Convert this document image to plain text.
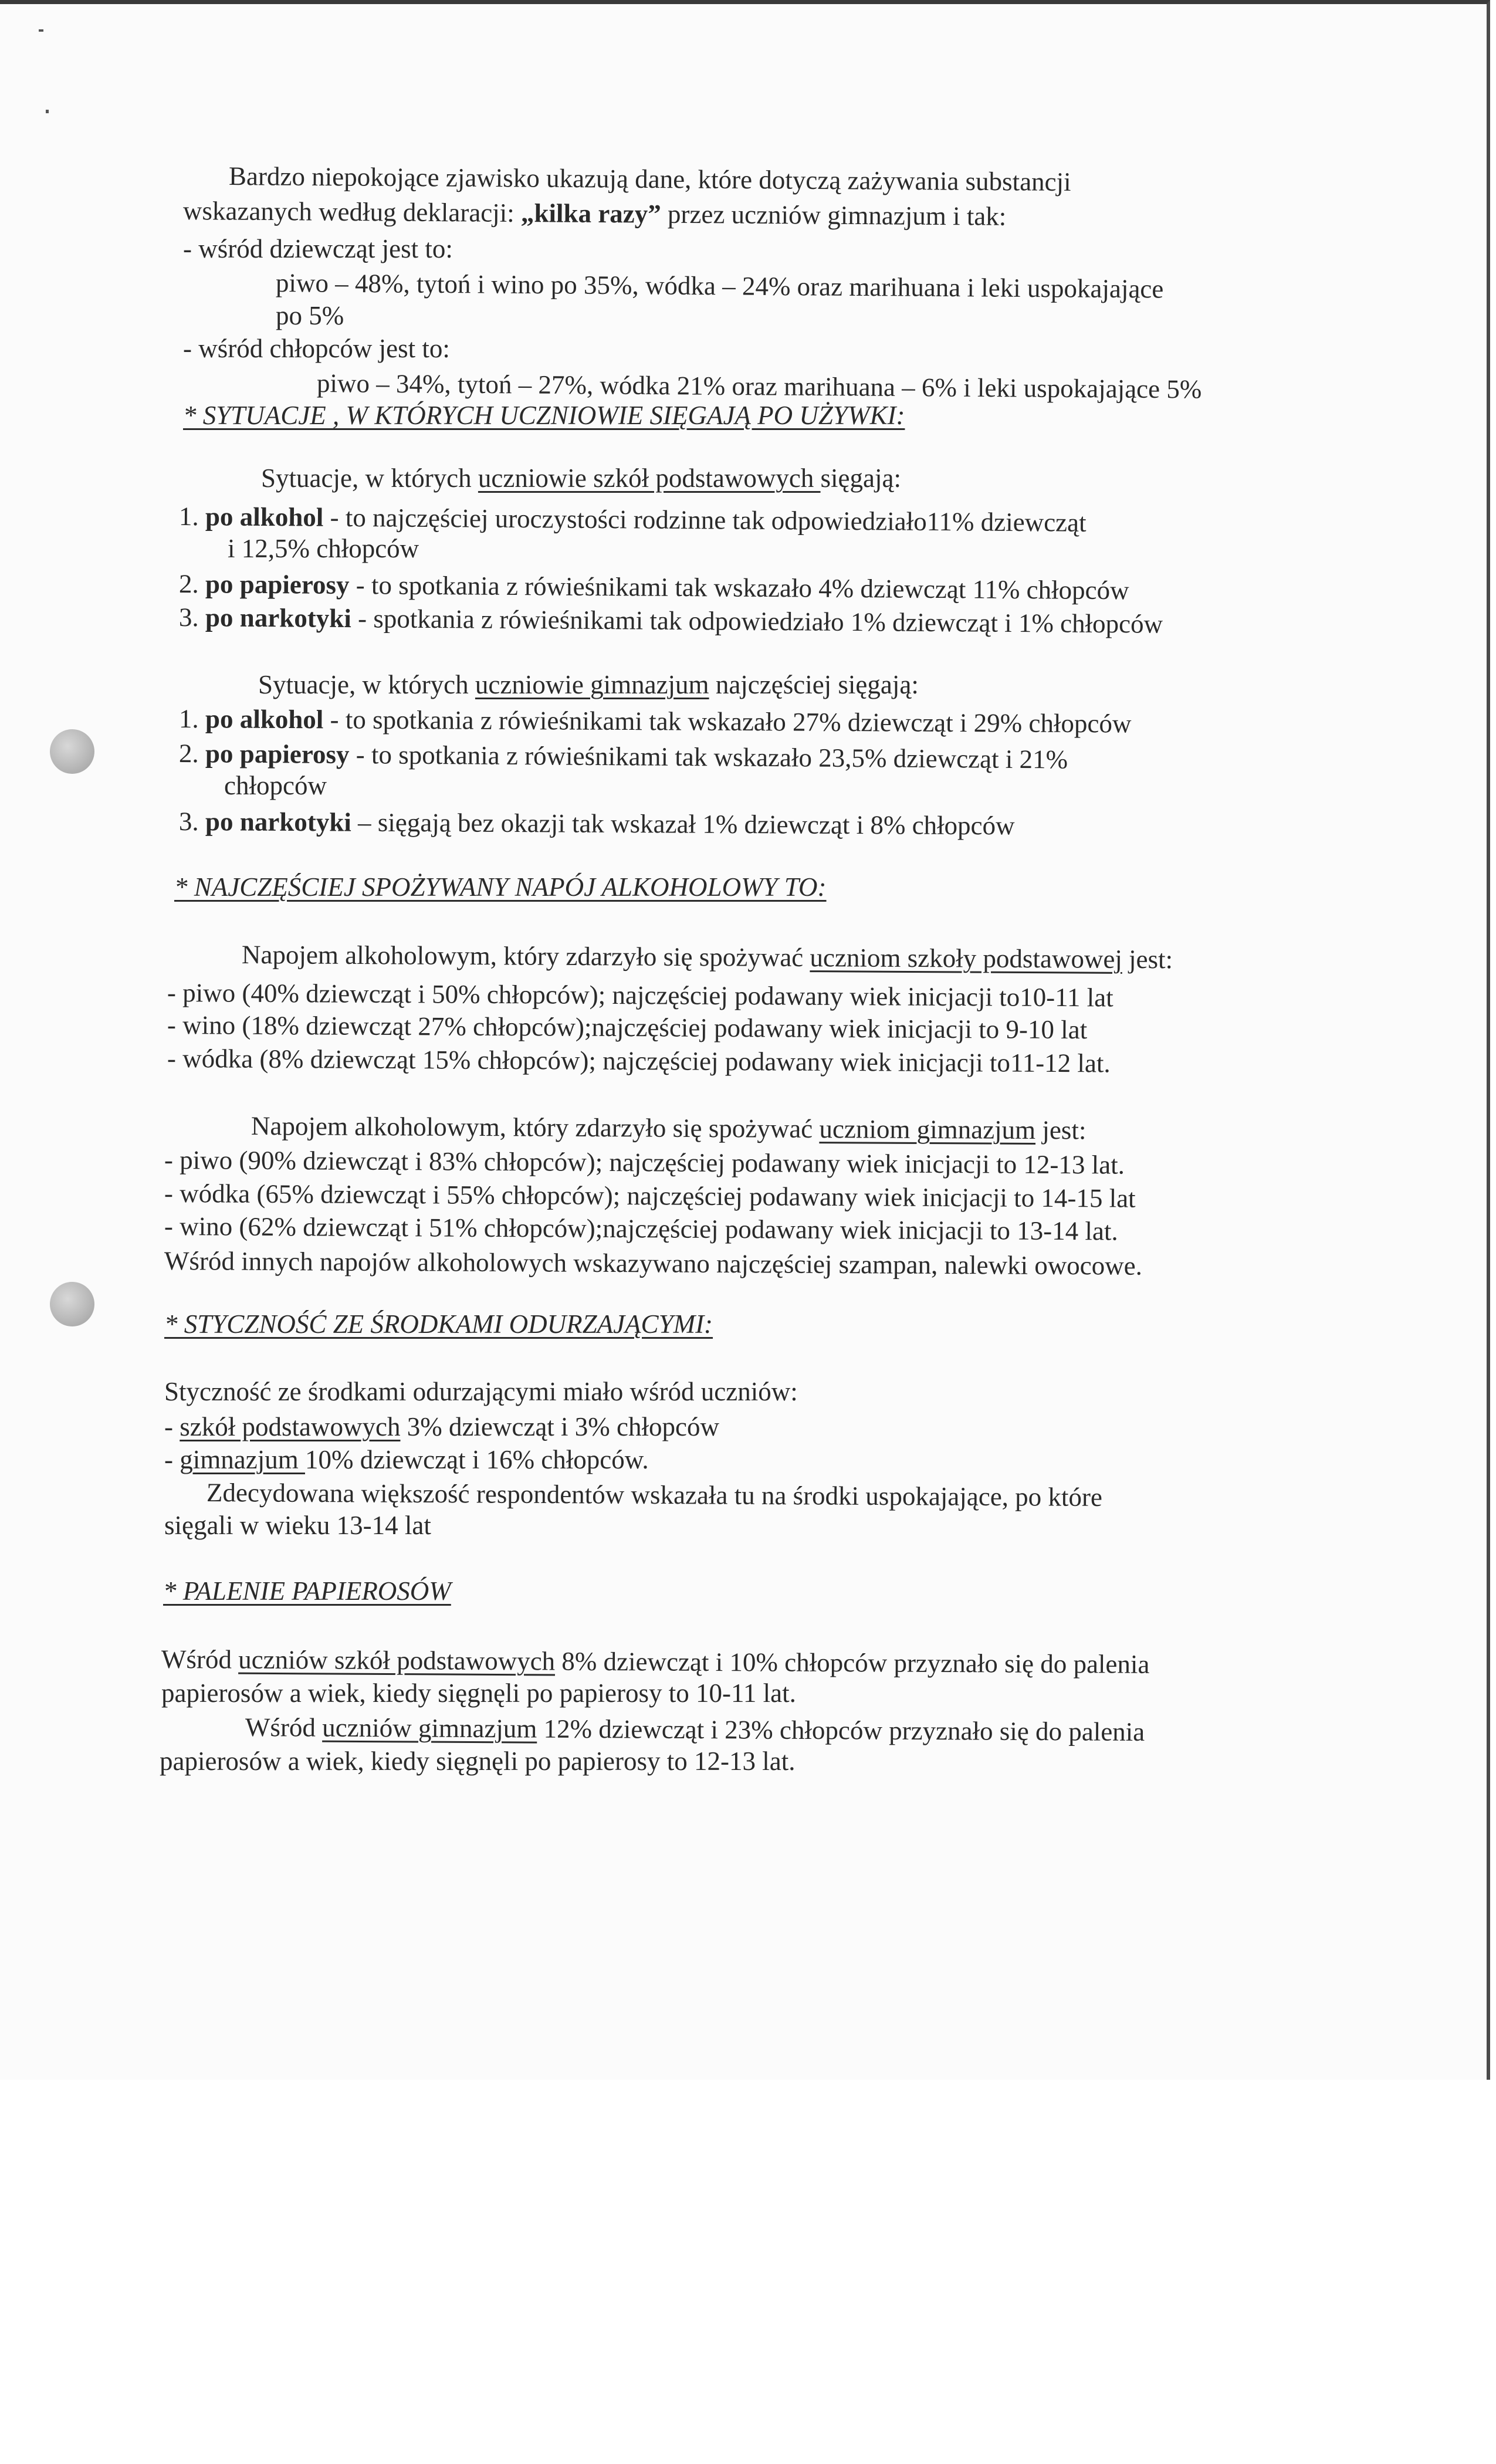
Bardzo niepokojące zjawisko ukazują dane, które dotyczą zażywania substancji
wskazanych według deklaracji: „kilka razy” przez uczniów gimnazjum i tak:
- wśród dziewcząt jest to:
piwo – 48%, tytoń i wino po 35%, wódka – 24% oraz marihuana i leki uspokajające
po 5%
- wśród chłopców jest to:
piwo – 34%, tytoń – 27%, wódka 21% oraz marihuana – 6% i leki uspokajające 5%
* SYTUACJE , W KTÓRYCH UCZNIOWIE SIĘGAJĄ PO UŻYWKI:
Sytuacje, w których uczniowie szkół podstawowych sięgają:
1. po alkohol - to najczęściej uroczystości rodzinne tak odpowiedziało11% dziewcząt
i 12,5% chłopców
2. po papierosy - to spotkania z rówieśnikami tak wskazało 4% dziewcząt 11% chłopców
3. po narkotyki - spotkania z rówieśnikami tak odpowiedziało 1% dziewcząt i 1% chłopców
Sytuacje, w których uczniowie gimnazjum najczęściej sięgają:
1. po alkohol - to spotkania z rówieśnikami tak wskazało 27% dziewcząt i 29% chłopców
2. po papierosy - to spotkania z rówieśnikami tak wskazało 23,5% dziewcząt i 21%
chłopców
3. po narkotyki – sięgają bez okazji tak wskazał 1% dziewcząt i 8% chłopców
* NAJCZĘŚCIEJ SPOŻYWANY NAPÓJ ALKOHOLOWY TO:
Napojem alkoholowym, który zdarzyło się spożywać uczniom szkoły podstawowej jest:
- piwo (40% dziewcząt i 50% chłopców); najczęściej podawany wiek inicjacji to10-11 lat
- wino (18% dziewcząt 27% chłopców);najczęściej podawany wiek inicjacji to 9-10 lat
- wódka (8% dziewcząt 15% chłopców); najczęściej podawany wiek inicjacji to11-12 lat.
Napojem alkoholowym, który zdarzyło się spożywać uczniom gimnazjum jest:
- piwo (90% dziewcząt i 83% chłopców); najczęściej podawany wiek inicjacji to 12-13 lat.
- wódka (65% dziewcząt i 55% chłopców); najczęściej podawany wiek inicjacji to 14-15 lat
- wino (62% dziewcząt i 51% chłopców);najczęściej podawany wiek inicjacji to 13-14 lat.
Wśród innych napojów alkoholowych wskazywano najczęściej szampan, nalewki owocowe.
* STYCZNOŚĆ ZE ŚRODKAMI ODURZAJĄCYMI:
Styczność ze środkami odurzającymi miało wśród uczniów:
- szkół podstawowych 3% dziewcząt i 3% chłopców
- gimnazjum 10% dziewcząt i 16% chłopców.
Zdecydowana większość respondentów wskazała tu na środki uspokajające, po które
sięgali w wieku 13-14 lat
* PALENIE PAPIEROSÓW
Wśród uczniów szkół podstawowych 8% dziewcząt i 10% chłopców przyznało się do palenia
papierosów a wiek, kiedy sięgnęli po papierosy to 10-11 lat.
Wśród uczniów gimnazjum 12% dziewcząt i 23% chłopców przyznało się do palenia
papierosów a wiek, kiedy sięgnęli po papierosy to 12-13 lat.
